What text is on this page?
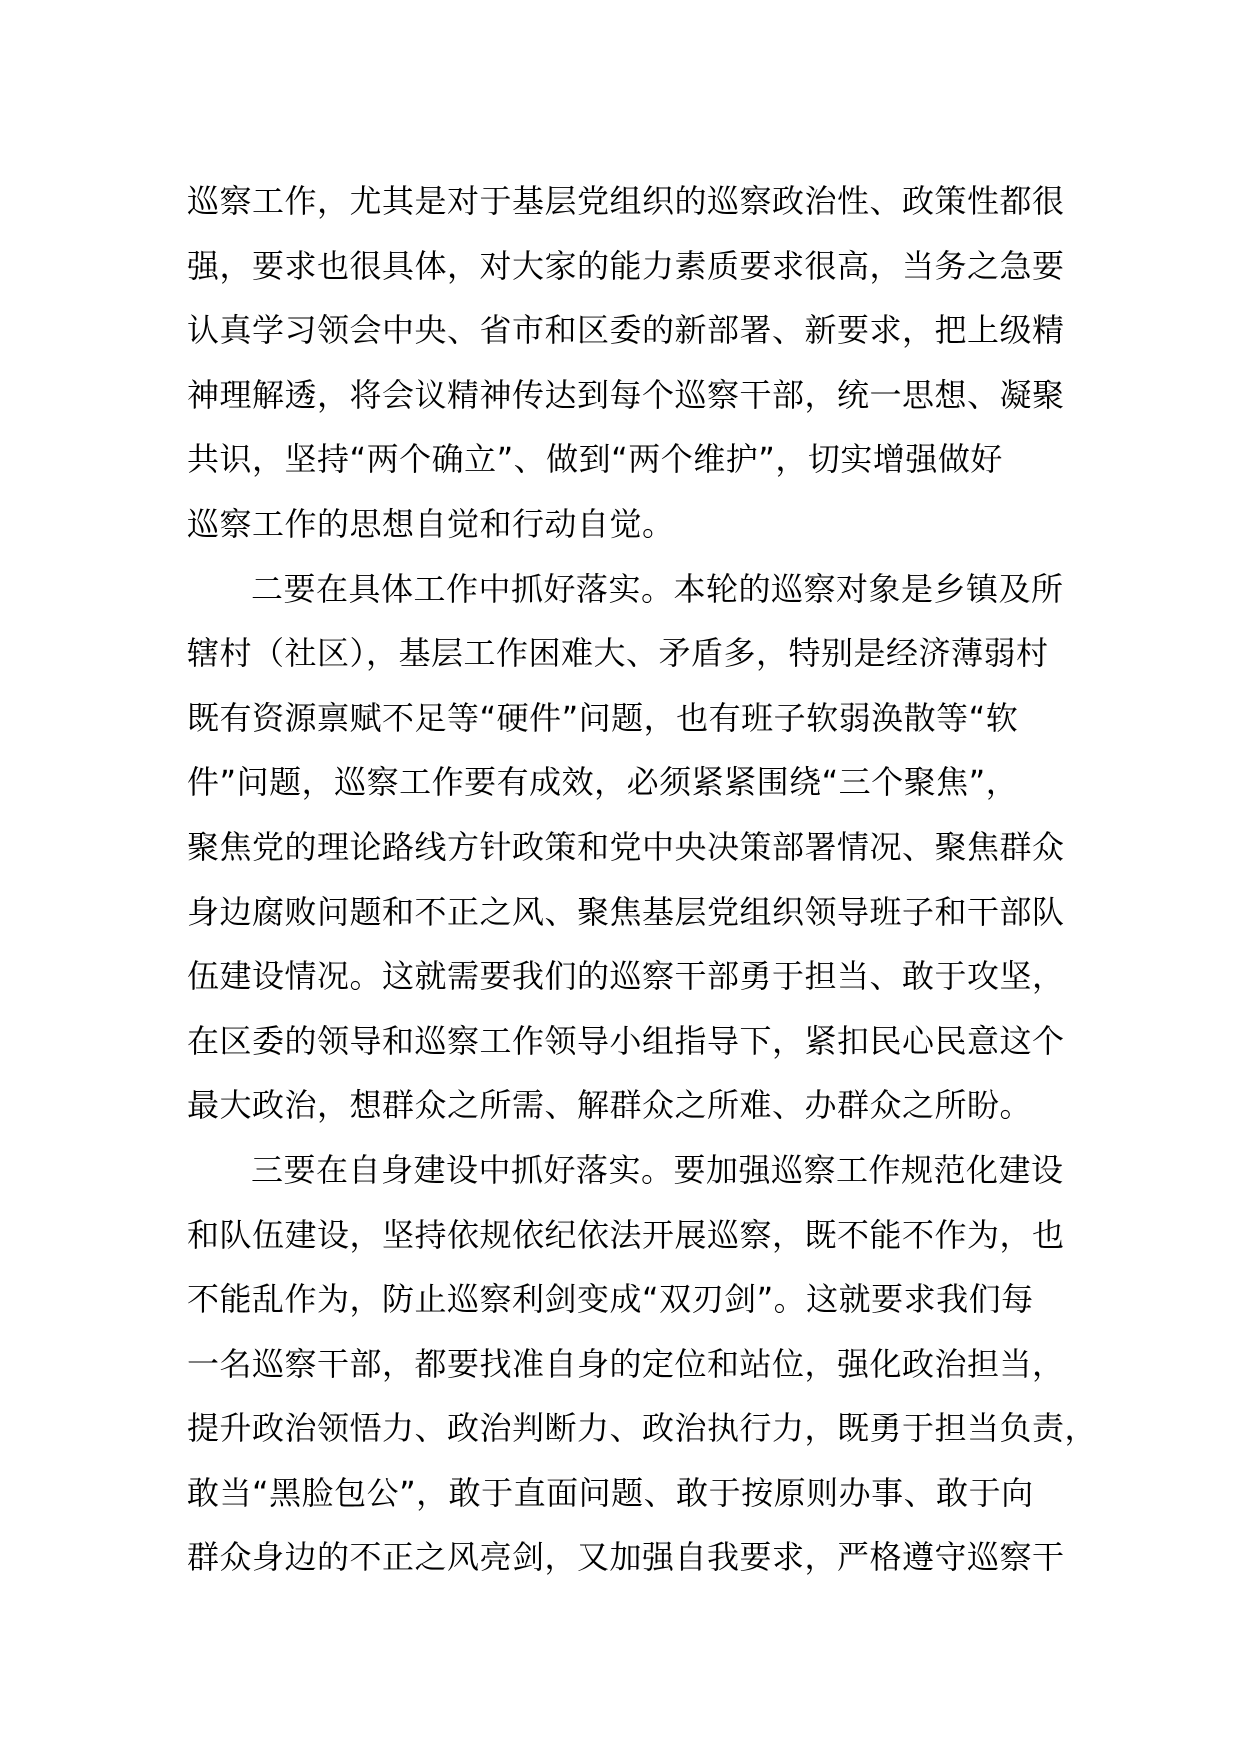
巡察工作，尤其是对于基层党组织的巡察政治性、政策性都很
强，要求也很具体，对大家的能力素质要求很高，当务之急要
认真学习领会中央、省市和区委的新部署、新要求，把上级精
神理解透，将会议精神传达到每个巡察干部，统一思想、凝聚
共识，坚持“两个确立”、做到“两个维护”，切实增强做好
巡察工作的思想自觉和行动自觉。
二要在具体工作中抓好落实。本轮的巡察对象是乡镇及所
辖村（社区），基层工作困难大、矛盾多，特别是经济薄弱村
既有资源禀赋不足等“硬件”问题，也有班子软弱涣散等“软
件”问题，巡察工作要有成效，必须紧紧围绕“三个聚焦”，
聚焦党的理论路线方针政策和党中央决策部署情况、聚焦群众
身边腐败问题和不正之风、聚焦基层党组织领导班子和干部队
伍建设情况。这就需要我们的巡察干部勇于担当、敢于攻坚，
在区委的领导和巡察工作领导小组指导下，紧扣民心民意这个
最大政治，想群众之所需、解群众之所难、办群众之所盼。
三要在自身建设中抓好落实。要加强巡察工作规范化建设
和队伍建设，坚持依规依纪依法开展巡察，既不能不作为，也
不能乱作为，防止巡察利剑变成“双刃剑”。这就要求我们每
一名巡察干部，都要找准自身的定位和站位，强化政治担当，
提升政治领悟力、政治判断力、政治执行力，既勇于担当负责，
敢当“黑脸包公”，敢于直面问题、敢于按原则办事、敢于向
群众身边的不正之风亮剑，又加强自我要求，严格遵守巡察干
